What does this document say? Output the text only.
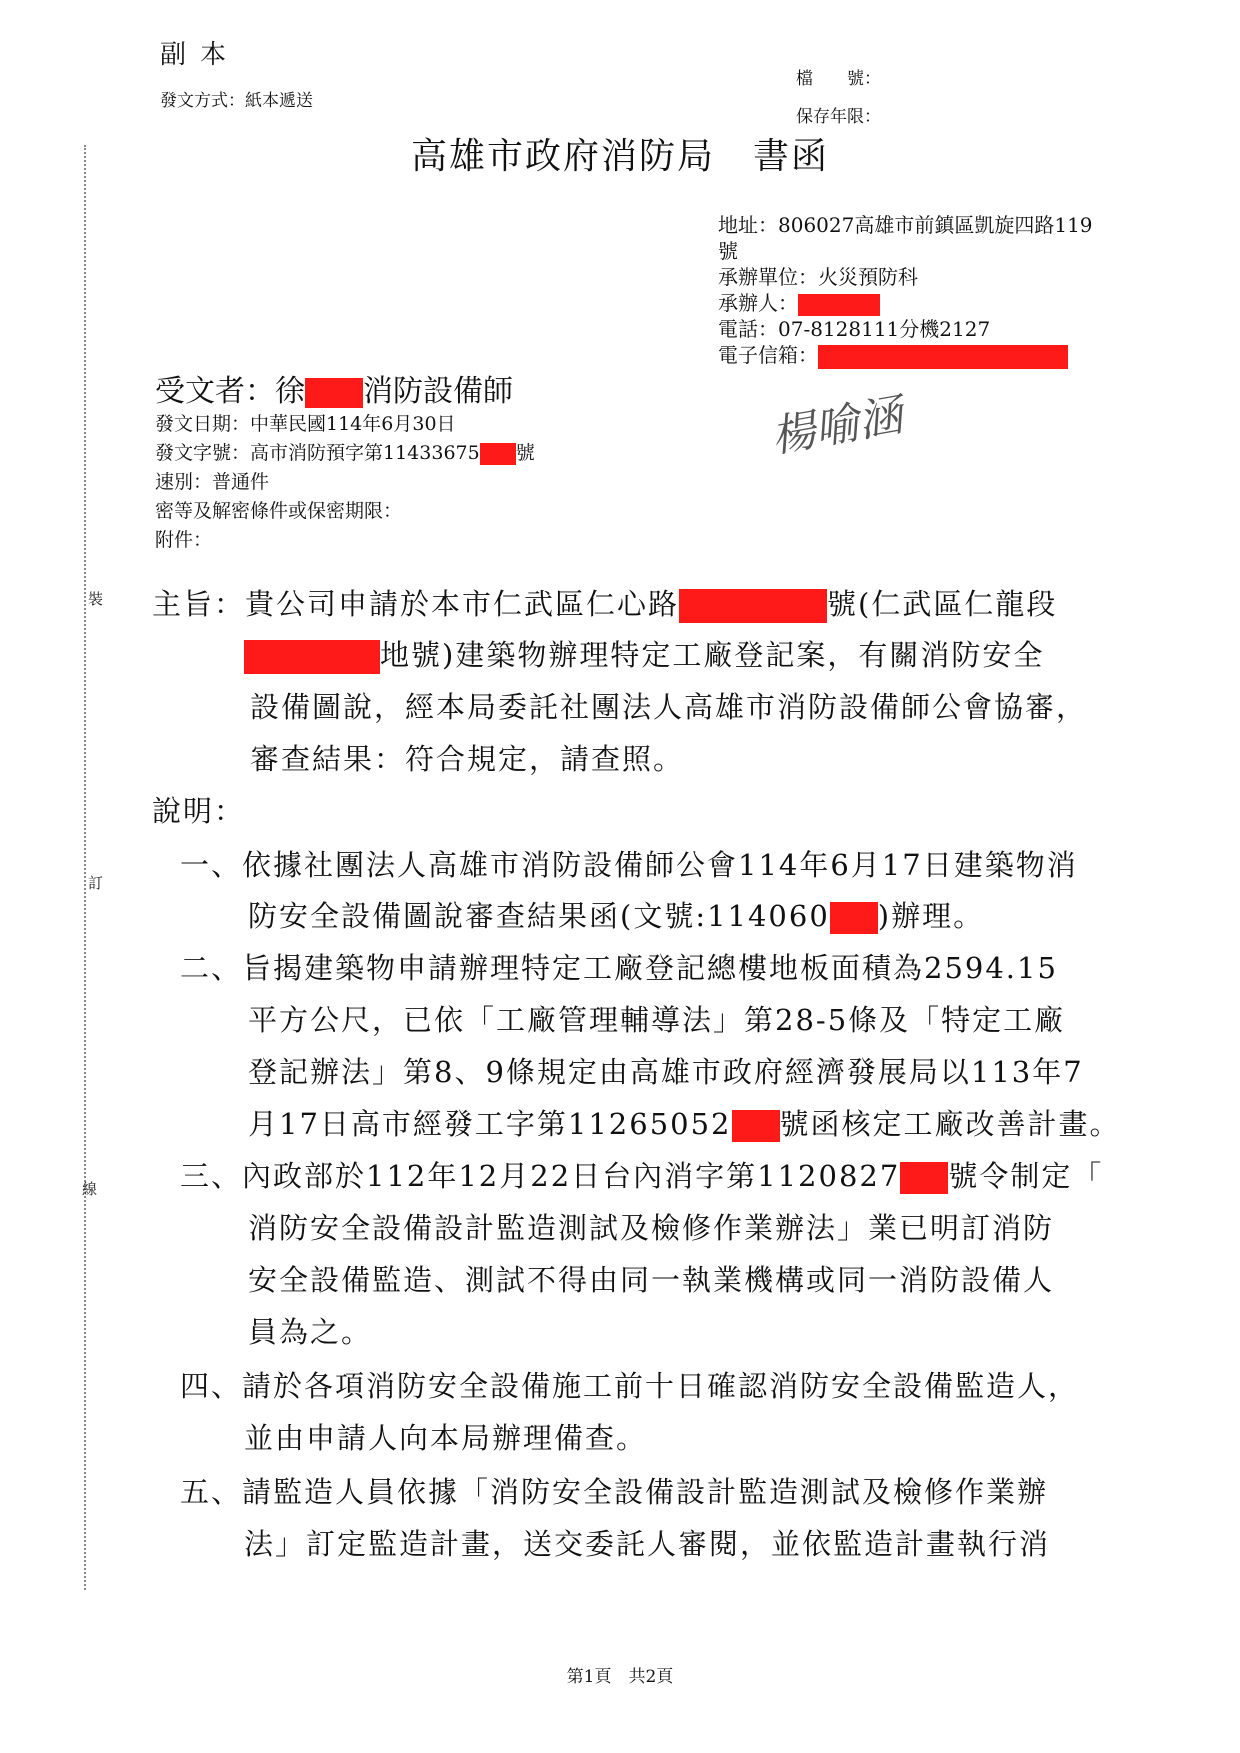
副本
發文方式：紙本遞送
檔　　號：
保存年限：
高雄市政府消防局　書函
地址：806027高雄市前鎮區凱旋四路119
號
承辦單位：火災預防科
承辦人：
電話：07-8128111分機2127
電子信箱：
受文者：徐 消防設備師
發文日期：中華民國114年6月30日
發文字號：高市消防預字第11433675 號
速別：普通件
密等及解密條件或保密期限：
附件：
楊喻涵
裝
訂
線
主旨：貴公司申請於本市仁武區仁心路	號(仁武區仁龍段
地號)建築物辦理特定工廠登記案，有關消防安全
設備圖說，經本局委託社團法人高雄市消防設備師公會協審，
審查結果：符合規定，請查照。
說明：
一、依據社團法人高雄市消防設備師公會114年6月17日建築物消
防安全設備圖說審查結果函(文號:114060 )辦理。
二、旨揭建築物申請辦理特定工廠登記總樓地板面積為2594.15
平方公尺，已依「工廠管理輔導法」第28-5條及「特定工廠
登記辦法」第8、9條規定由高雄市政府經濟發展局以113年7
月17日高市經發工字第11265052 號函核定工廠改善計畫。
三、內政部於112年12月22日台內消字第1120827 號令制定「
消防安全設備設計監造測試及檢修作業辦法」業已明訂消防
安全設備監造、測試不得由同一執業機構或同一消防設備人
員為之。
四、請於各項消防安全設備施工前十日確認消防安全設備監造人，
並由申請人向本局辦理備查。
五、請監造人員依據「消防安全設備設計監造測試及檢修作業辦
法」訂定監造計畫，送交委託人審閱，並依監造計畫執行消
第1頁　共2頁
